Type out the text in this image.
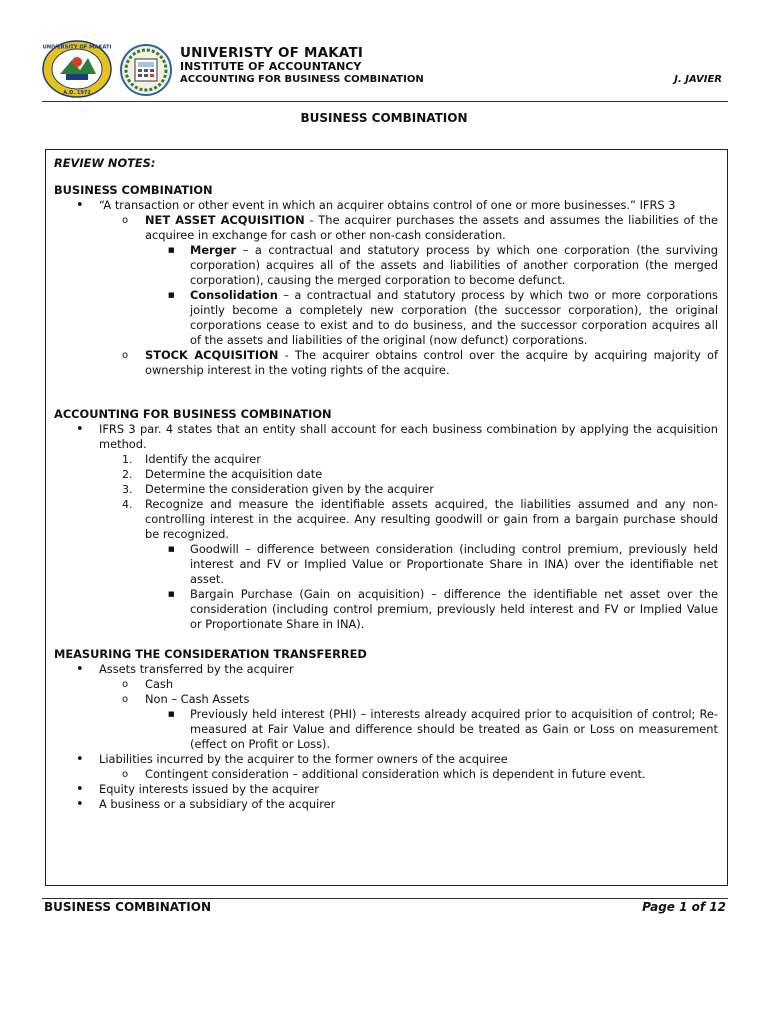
UNIVERSITY OF MAKATI
A.D. 1972
UNIVERISTY OF MAKATI
INSTITUTE OF ACCOUNTANCY
ACCOUNTING FOR BUSINESS COMBINATION	J. JAVIER
BUSINESS COMBINATION
REVIEW NOTES:
BUSINESS COMBINATION
• “A transaction or other event in which an acquirer obtains control of one or more businesses.” IFRS 3
o NET ASSET ACQUISITION - The acquirer purchases the assets and assumes the liabilities of the acquiree in exchange for cash or other non-cash consideration.
■ Merger – a contractual and statutory process by which one corporation (the surviving corporation) acquires all of the assets and liabilities of another corporation (the merged corporation), causing the merged corporation to become defunct.
■ Consolidation – a contractual and statutory process by which two or more corporations jointly become a completely new corporation (the successor corporation), the original corporations cease to exist and to do business, and the successor corporation acquires all of the assets and liabilities of the original (now defunct) corporations.
o STOCK ACQUISITION - The acquirer obtains control over the acquire by acquiring majority of ownership interest in the voting rights of the acquire.
ACCOUNTING FOR BUSINESS COMBINATION
• IFRS 3 par. 4 states that an entity shall account for each business combination by applying the acquisition method.
1. Identify the acquirer
2. Determine the acquisition date
3. Determine the consideration given by the acquirer
4. Recognize and measure the identifiable assets acquired, the liabilities assumed and any non-controlling interest in the acquiree. Any resulting goodwill or gain from a bargain purchase should be recognized.
■ Goodwill – difference between consideration (including control premium, previously held interest and FV or Implied Value or Proportionate Share in INA) over the identifiable net asset.
■ Bargain Purchase (Gain on acquisition) – difference the identifiable net asset over the consideration (including control premium, previously held interest and FV or Implied Value or Proportionate Share in INA).
MEASURING THE CONSIDERATION TRANSFERRED
• Assets transferred by the acquirer
o Cash
o Non – Cash Assets
■ Previously held interest (PHI) – interests already acquired prior to acquisition of control; Re-measured at Fair Value and difference should be treated as Gain or Loss on measurement (effect on Profit or Loss).
• Liabilities incurred by the acquirer to the former owners of the acquiree
o Contingent consideration – additional consideration which is dependent in future event.
• Equity interests issued by the acquirer
• A business or a subsidiary of the acquirer
BUSINESS COMBINATION	Page 1 of 12
